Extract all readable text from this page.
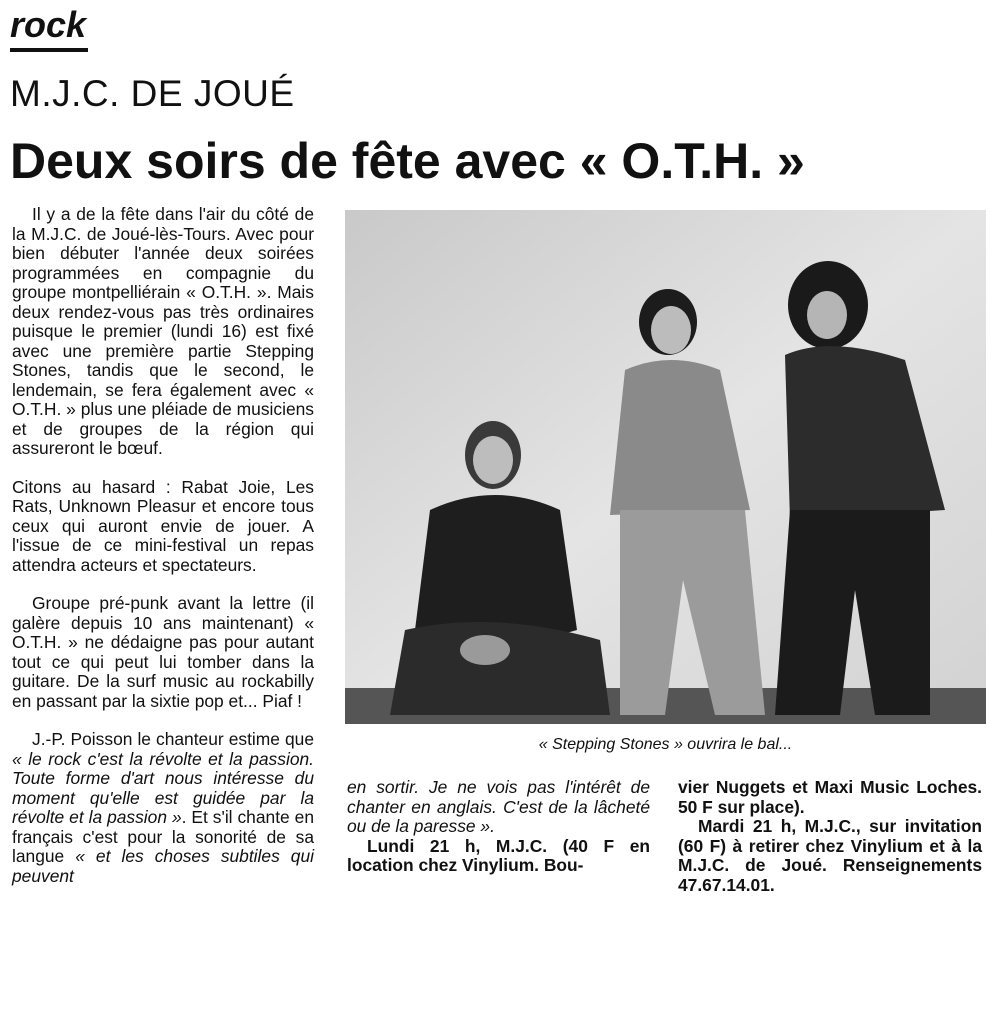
rock
M.J.C. DE JOUÉ
Deux soirs de fête avec « O.T.H. »

Il y a de la fête dans l'air du côté de la M.J.C. de Joué-lès-Tours. Avec pour bien débuter l'année deux soirées programmées en compagnie du groupe montpelliérain « O.T.H. ». Mais deux rendez-vous pas très ordinaires puisque le premier (lundi 16) est fixé avec une première partie Stepping Stones, tandis que le second, le lendemain, se fera également avec « O.T.H. » plus une pléiade de musiciens et de groupes de la région qui assureront le bœuf.

Citons au hasard : Rabat Joie, Les Rats, Unknown Pleasur et encore tous ceux qui auront envie de jouer. A l'issue de ce mini-festival un repas attendra acteurs et spectateurs.

Groupe pré-punk avant la lettre (il galère depuis 10 ans maintenant) « O.T.H. » ne dédaigne pas pour autant tout ce qui peut lui tomber dans la guitare. De la surf music au rockabilly en passant par la sixtie pop et... Piaf !

J.-P. Poisson le chanteur estime que « le rock c'est la révolte et la passion. Toute forme d'art nous intéresse du moment qu'elle est guidée par la révolte et la passion ». Et s'il chante en français c'est pour la sonorité de sa langue « et les choses subtiles qui peuvent

« Stepping Stones » ouvrira le bal...

en sortir. Je ne vois pas l'intérêt de chanter en anglais. C'est de la lâcheté ou de la paresse ».

Lundi 21 h, M.J.C. (40 F en location chez Vinylium. Bou-

vier Nuggets et Maxi Music Loches. 50 F sur place).

Mardi 21 h, M.J.C., sur invitation (60 F) à retirer chez Vinylium et à la M.J.C. de Joué. Renseignements 47.67.14.01.
